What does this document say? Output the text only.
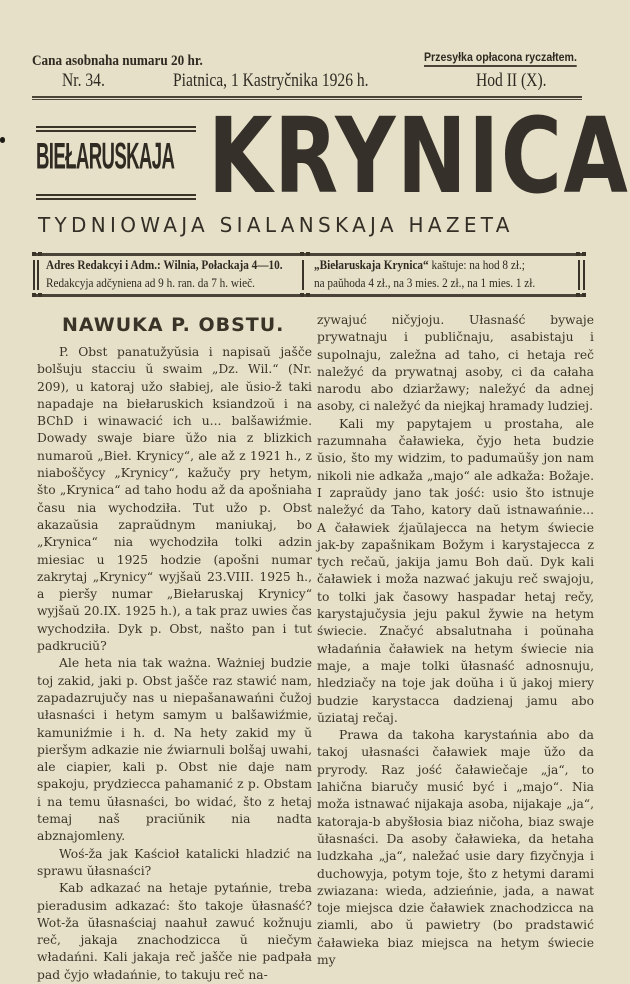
Cana asobnaha numaru 20 hr.	Przesyłka opłacona ryczałtem.
Nr. 34.	Piatnica, 1 Kastryčnika 1926 h.	Hod II (X).
BIEŁARUSKAJA KRYNICA
TYDNIOWAJA SIALANSKAJA HAZETA
Adres Redakcyi i Adm.: Wilnia, Połackaja 4—10.
Redakcyja adčyniena ad 9 h. ran. da 7 h. wieč.
„Biełaruskaja Krynica“ kaštuje: na hod 8 zł.;
na paŭhoda 4 zł., na 3 mies. 2 zł., na 1 mies. 1 zł.
NAWUKA P. OBSTU.

P. Obst panatužyŭsia i napisaŭ jašče bolšuju stacciu ŭ swaim „Dz. Wil.“ (Nr. 209), u katoraj užo słabiej, ale ŭsio-ž taki napadaje na biełaruskich ksiandzoŭ i na BChD i winawacić ich u... balšawiźmie. Dowady swaje biare ŭžo nia z blizkich numaroŭ „Bieł. Krynicy“, ale až z 1921 h., z niaboščycy „Krynicy“, kažučy pry hetym, što „Krynica“ ad taho hodu až da apošniaha času nia wychodziła. Tut užo p. Obst akazaŭsia zapraŭdnym maniukaj, bo „Krynica“ nia wychodziła tolki adzin miesiac u 1925 hodzie (apošni numar zakrytaj „Krynicy“ wyjšaŭ 23.VIII. 1925 h., a pieršy numar „Biełaruskaj Krynicy“ wyjšaŭ 20.IX. 1925 h.), a tak praz uwies čas wychodziła. Dyk p. Obst, našto pan i tut padkruciŭ?

Ale heta nia tak ważna. Ważniej budzie toj zakid, jaki p. Obst jašče raz stawić nam, zapadazrujučy nas u niepašanawańni čužoj ułasnaści i hetym samym u balšawiźmie, kamuniźmie i h. d. Na hety zakid my ŭ pieršym adkazie nie źwiarnuli bolšaj uwahi, ale ciapier, kali p. Obst nie daje nam spakoju, prydziecca pahamanić z p. Obstam i na temu ŭłasnaści, bo widać, što z hetaj temaj naš praciŭnik nia nadta abznajomleny.

Woś-ža jak Kaścioł katalicki hladzić na sprawu ŭłasnaści?

Kab adkazać na hetaje pytańnie, treba pieradusim adkazać: što takoje ŭłasnaść? Wot-ža ŭłasnaściaj naahuł zawuć kožnuju reč, jakaja znachodzicca ŭ niečym władańni. Kali jakaja reč jašče nie padpała pad čyjo władańnie, to takuju reč na-

zywajuć ničyjoju. Ułasnaść bywaje prywatnaju i publičnaju, asabistaju i supolnaju, zaležna ad taho, ci hetaja reč naležyć da prywatnaj asoby, ci da całaha narodu abo dziaržawy; naležyć da adnej asoby, ci naležyć da niejkaj hramady ludziej.

Kali my papytajem u prostaha, ale razumnaha čaławieka, čyjo heta budzie ŭsio, što my widzim, to padumaŭšy jon nam nikoli nie adkaža „majo“ ale adkaža: Božaje. I zapraŭdy jano tak jość: usio što istnuje naležyć da Taho, katory daŭ istnawańnie... A čaławiek źjaŭlajecca na hetym świecie jak-by zapašnikam Božym i karystajecca z tych rečaŭ, jakija jamu Boh daŭ. Dyk kali čaławiek i moža nazwać jakuju reč swajoju, to tolki jak časowy haspadar hetaj rečy, karystajučysia jeju pakul žywie na hetym świecie. Značyć absalutnaha i poŭnaha władańnia čaławiek na hetym świecie nia maje, a maje tolki ŭłasnaść adnosnuju, hledziačy na toje jak doŭha i ŭ jakoj miery budzie karystacca dadzienaj jamu abo ŭziataj rečaj.

Prawa da takoha karystańnia abo da takoj ułasnaści čaławiek maje ŭžo da pryrody. Raz jość čaławiečaje „ja“, to lahična biaručy musić być i „majo“. Nia moža istnawać nijakaja asoba, nijakaje „ja“, katoraja-b abyšłosia biaz ničoha, biaz swaje ŭłasnaści. Da asoby čaławieka, da hetaha ludzkaha „ja“, naležać usie dary fizyčnyja i duchowyja, potym toje, što z hetymi darami zwiazana: wieda, adzieńnie, jada, a nawat toje miejsca dzie čaławiek znachodzicca na ziamli, abo ŭ pawietry (bo pradstawić čaławieka biaz miejsca na hetym świecie my
